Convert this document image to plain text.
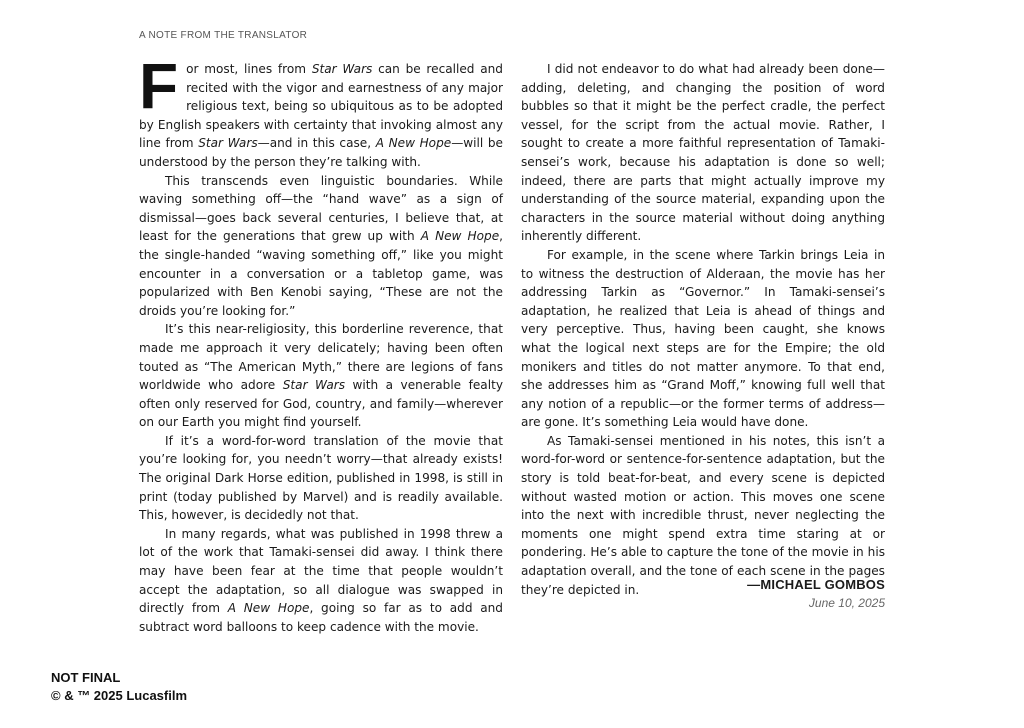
A NOTE FROM THE TRANSLATOR

For most, lines from Star Wars can be recalled and recited with the vigor and earnestness of any major religious text, being so ubiquitous as to be adopted by English speakers with certainty that invoking almost any line from Star Wars—and in this case, A New Hope—will be understood by the person they’re talking with.

This transcends even linguistic boundaries. While waving something off—the “hand wave” as a sign of dismissal—goes back several centuries, I believe that, at least for the generations that grew up with A New Hope, the single-handed “waving something off,” like you might encounter in a conversation or a tabletop game, was popularized with Ben Kenobi saying, “These are not the droids you’re looking for.”

It’s this near-religiosity, this borderline reverence, that made me approach it very delicately; having been often touted as “The American Myth,” there are legions of fans worldwide who adore Star Wars with a venerable fealty often only reserved for God, country, and family—wherever on our Earth you might find yourself.

If it’s a word-for-word translation of the movie that you’re looking for, you needn’t worry—that already exists! The original Dark Horse edition, published in 1998, is still in print (today published by Marvel) and is readily available. This, however, is decidedly not that.

In many regards, what was published in 1998 threw a lot of the work that Tamaki-sensei did away. I think there may have been fear at the time that people wouldn’t accept the adaptation, so all dialogue was swapped in directly from A New Hope, going so far as to add and subtract word balloons to keep cadence with the movie.

I did not endeavor to do what had already been done—adding, deleting, and changing the position of word bubbles so that it might be the perfect cradle, the perfect vessel, for the script from the actual movie. Rather, I sought to create a more faithful representation of Tamaki-sensei’s work, because his adaptation is done so well; indeed, there are parts that might actually improve my understanding of the source material, expanding upon the characters in the source material without doing anything inherently different.

For example, in the scene where Tarkin brings Leia in to witness the destruction of Alderaan, the movie has her addressing Tarkin as “Governor.” In Tamaki-sensei’s adaptation, he realized that Leia is ahead of things and very perceptive. Thus, having been caught, she knows what the logical next steps are for the Empire; the old monikers and titles do not matter anymore. To that end, she addresses him as “Grand Moff,” knowing full well that any notion of a republic—or the former terms of address—are gone. It’s something Leia would have done.

As Tamaki-sensei mentioned in his notes, this isn’t a word-for-word or sentence-for-sentence adaptation, but the story is told beat-for-beat, and every scene is depicted without wasted motion or action. This moves one scene into the next with incredible thrust, never neglecting the moments one might spend extra time staring at or pondering. He’s able to capture the tone of the movie in his adaptation overall, and the tone of each scene in the pages they’re depicted in.	—MICHAEL GOMBOS
June 10, 2025
NOT FINAL
© & ™ 2025 Lucasfilm
